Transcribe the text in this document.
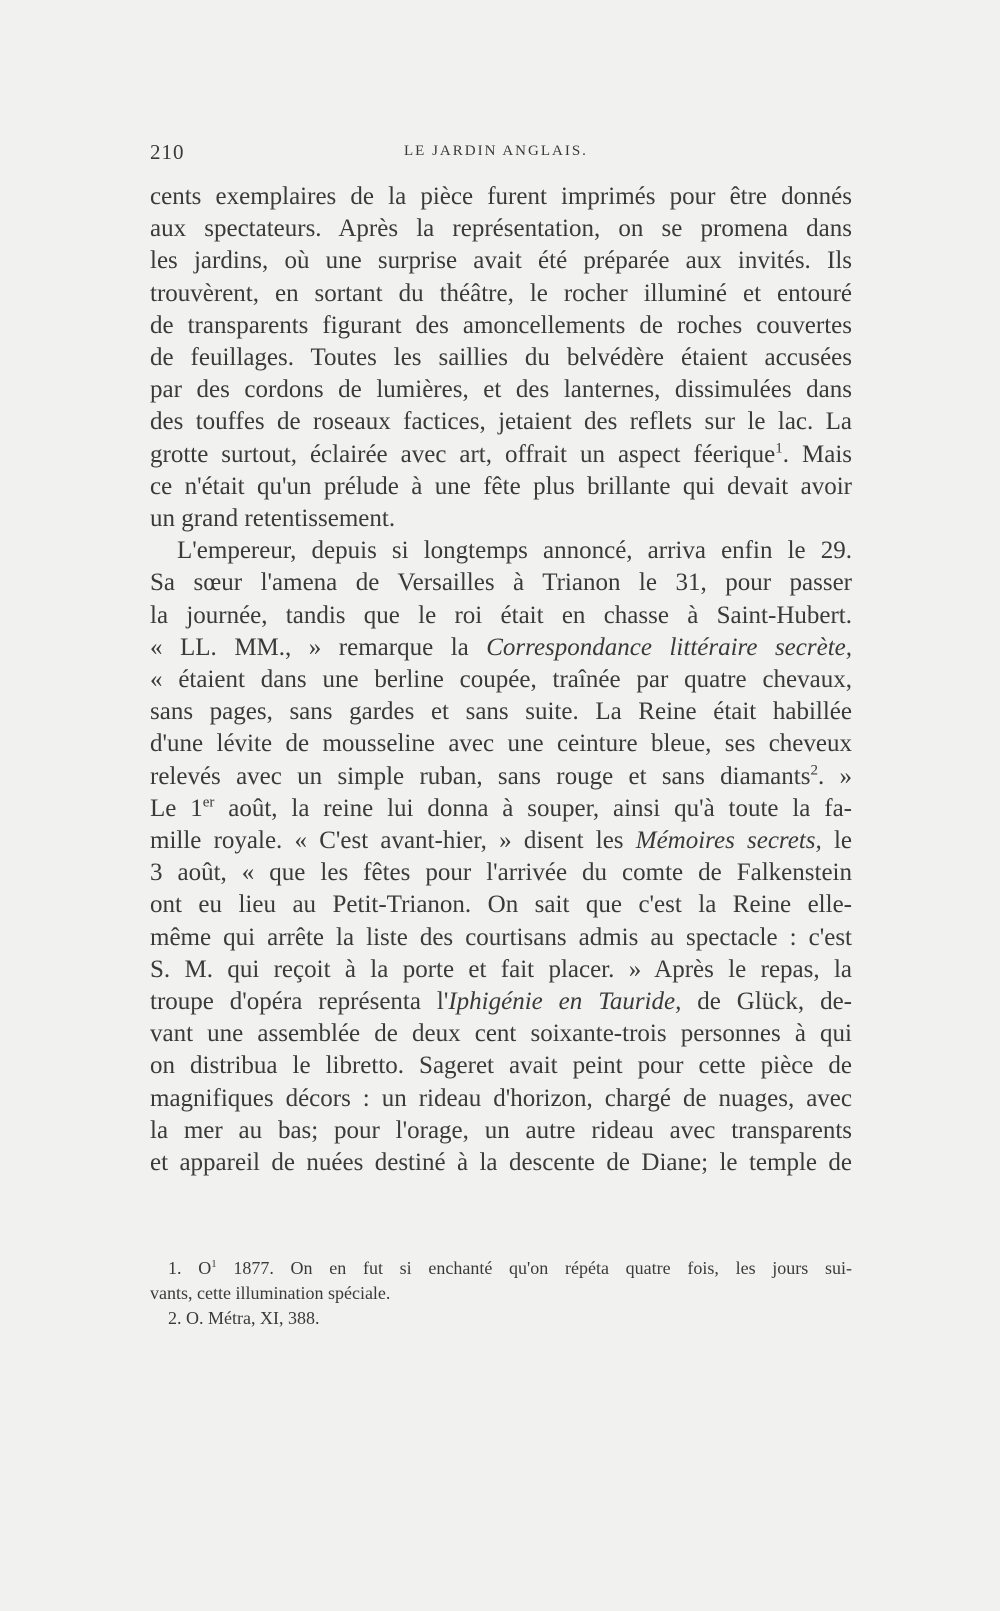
210	LE JARDIN ANGLAIS.
cents exemplaires de la pièce furent imprimés pour être donnés
aux spectateurs. Après la représentation, on se promena dans
les jardins, où une surprise avait été préparée aux invités. Ils
trouvèrent, en sortant du théâtre, le rocher illuminé et entouré
de transparents figurant des amoncellements de roches couvertes
de feuillages. Toutes les saillies du belvédère étaient accusées
par des cordons de lumières, et des lanternes, dissimulées dans
des touffes de roseaux factices, jetaient des reflets sur le lac. La
grotte surtout, éclairée avec art, offrait un aspect féerique$^1$. Mais
ce n'était qu'un prélude à une fête plus brillante qui devait avoir
un grand retentissement.
L'empereur, depuis si longtemps annoncé, arriva enfin le 29.
Sa sœur l'amena de Versailles à Trianon le 31, pour passer
la journée, tandis que le roi était en chasse à Saint-Hubert.
« LL. MM., » remarque la Correspondance littéraire secrète,
« étaient dans une berline coupée, traînée par quatre chevaux,
sans pages, sans gardes et sans suite. La Reine était habillée
d'une lévite de mousseline avec une ceinture bleue, ses cheveux
relevés avec un simple ruban, sans rouge et sans diamants$^2$. »
Le 1er août, la reine lui donna à souper, ainsi qu'à toute la fa-
mille royale. « C'est avant-hier, » disent les Mémoires secrets, le
3 août, « que les fêtes pour l'arrivée du comte de Falkenstein
ont eu lieu au Petit-Trianon. On sait que c'est la Reine elle-
même qui arrête la liste des courtisans admis au spectacle : c'est
S. M. qui reçoit à la porte et fait placer. » Après le repas, la
troupe d'opéra représenta l'Iphigénie en Tauride, de Glück, de-
vant une assemblée de deux cent soixante-trois personnes à qui
on distribua le libretto. Sageret avait peint pour cette pièce de
magnifiques décors : un rideau d'horizon, chargé de nuages, avec
la mer au bas; pour l'orage, un autre rideau avec transparents
et appareil de nuées destiné à la descente de Diane; le temple de
1. $O^1$ 1877. On en fut si enchanté qu'on répéta quatre fois, les jours sui-
vants, cette illumination spéciale.
2. O. Métra, XI, 388.
